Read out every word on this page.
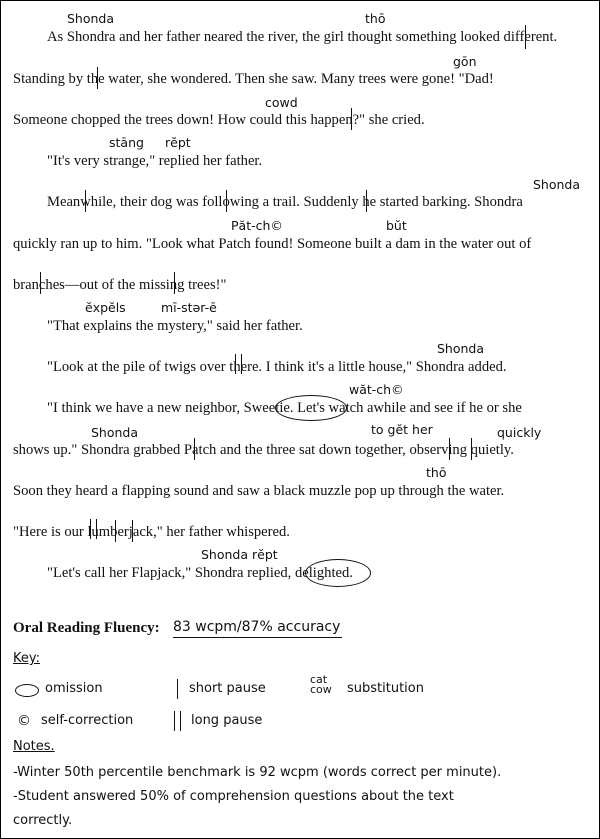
As Shondra and her father neared the river, the girl thought something looked different.
Standing by the water, she wondered. Then she saw. Many trees were gone! "Dad!
Someone chopped the trees down! How could this happen?" she cried.
"It's very strange," replied her father.
Meanwhile, their dog was following a trail. Suddenly he started barking. Shondra
quickly ran up to him. "Look what Patch found! Someone built a dam in the water out of
branches—out of the missing trees!"
"That explains the mystery," said her father.
"Look at the pile of twigs over there. I think it's a little house," Shondra added.
"I think we have a new neighbor, Sweetie. Let's watch awhile and see if he or she
shows up." Shondra grabbed Patch and the three sat down together, observing quietly.
Soon they heard a flapping sound and saw a black muzzle pop up through the water.
"Here is our lumberjack," her father whispered.
"Let's call her Flapjack," Shondra replied, delighted.
Shonda	thō
gōn
cowd
stāng rĕpt
Shonda
Păt-ch©	bŭt
ĕxpĕls	mī-stər-ē
Shonda
wăt-ch©
Shonda	to gĕt her	quickly
thō
Shonda rĕpt
Oral Reading Fluency: 83 wcpm/87% accuracy
Key:
omission	short pause
cat
cow substitution
© self-correction	long pause
Notes.
-Winter 50th percentile benchmark is 92 wcpm (words correct per minute).
-Student answered 50% of comprehension questions about the text
correctly.
